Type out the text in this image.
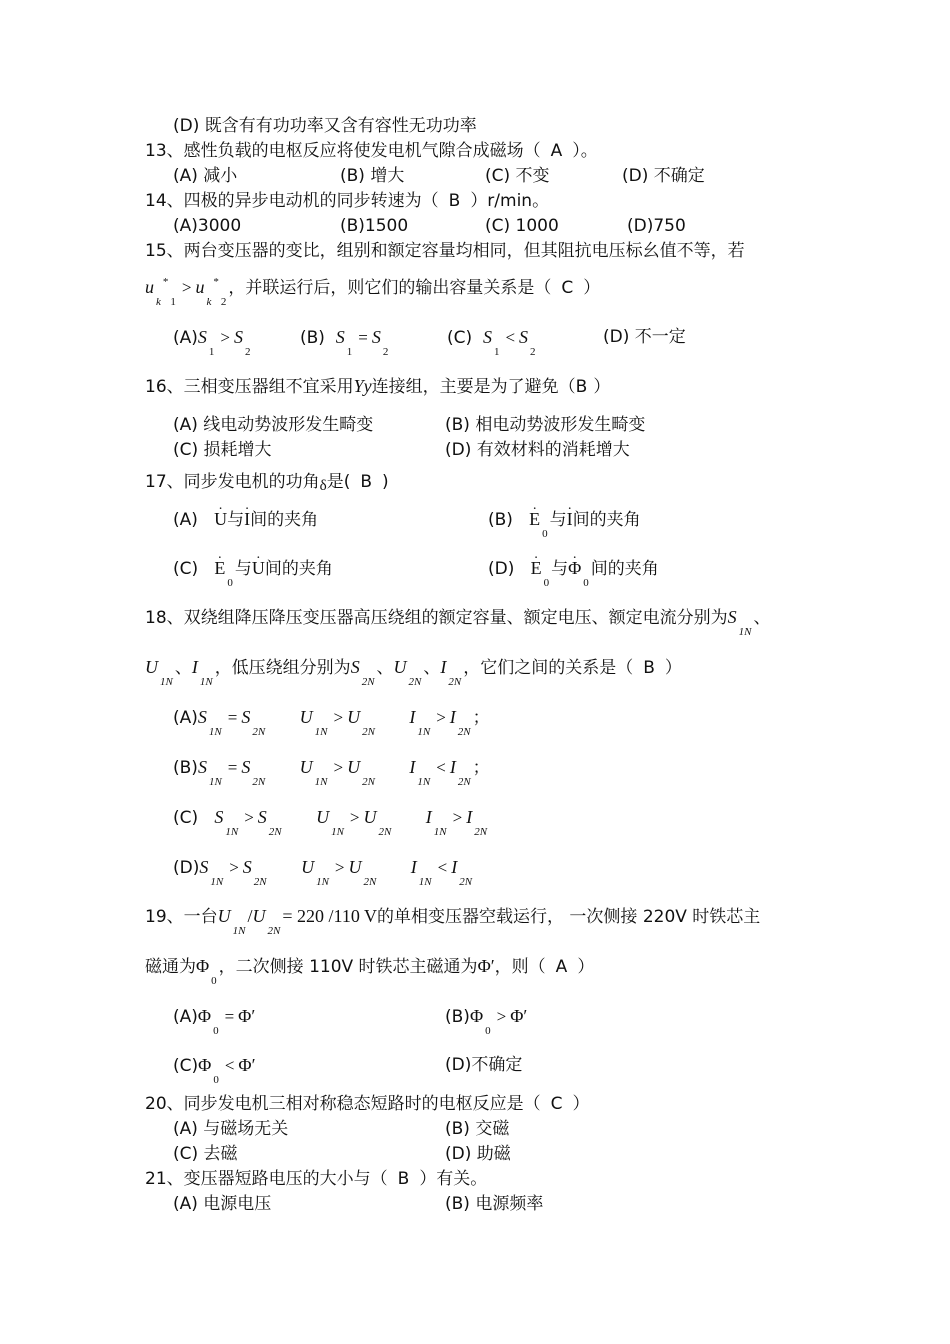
(D) 既含有有功功率又含有容性无功功率
13、感性负载的电枢反应将使发电机气隙合成磁场（ A ）。
(A) 减小	(B) 增大	(C) 不变	(D) 不确定
14、四极的异步电动机的同步转速为（ B ）r/min。
(A)3000	(B)1500	(C) 1000	(D)750
15、两台变压器的变比，组别和额定容量均相同，但其阻抗电压标幺值不等，若
$u_k^*_1> u_k^*_2$，并联运行后，则它们的输出容量关系是（ C ）
$(A)S_1> S_2$
(B) $S_1= S_2$
(C) $S_1< S_2$
(D) 不一定
16、三相变压器组不宜采用Yy连接组，主要是为了避免（B ）
(A) 线电动势波形发生畸变	(B) 相电动势波形发生畸变
(C) 损耗增大	(D) 有效材料的消耗增大
17、同步发电机的功角δ是( B )
(A) · U与· I间的夹角	$(B) \cdot E_0$与· I间的夹角
$(C) \cdot E_0$与· U间的夹角	$(D) \cdot E_0$与· $\Phi_0$间的夹角
18、双绕组降压降压变压器高压绕组的额定容量、额定电压、额定电流分别为$S_{1N}$、
$U_{1N}$、$I_{1N}$，低压绕组分别为$S_{2N}$、$U_{2N}$、$I_{2N}$，它们之间的关系是（ B ）
$(A)S_{1N}= S_{2N}$      $U_{1N}> U_{2N}$      $I_{1N}> I_{2N}$；
$(B)S_{1N}= S_{2N}$      $U_{1N}> U_{2N}$      $I_{1N}< I_{2N}$；
(C) $S_{1N}> S_{2N}$      $U_{1N}> U_{2N}$      $I_{1N}> I_{2N}$
$(D)S_{1N}> S_{2N}$      $U_{1N}> U_{2N}$      $I_{1N}< I_{2N}$
19、一台$U_{1N}/U_{2N}= 220$ /110 V的单相变压器空载运行， 一次侧接 220V 时铁芯主
磁通为$\Phi_0$，二次侧接 110V 时铁芯主磁通为Φ′，则（ A ）
$(A)\Phi_0= \Phi'$	$(B)\Phi_0> \Phi'$
$(C)\Phi_0< \Phi'$	(D)不确定
20、同步发电机三相对称稳态短路时的电枢反应是（ C ）
(A) 与磁场无关	(B) 交磁
(C) 去磁	(D) 助磁
21、变压器短路电压的大小与（ B ）有关。
(A) 电源电压	(B) 电源频率
